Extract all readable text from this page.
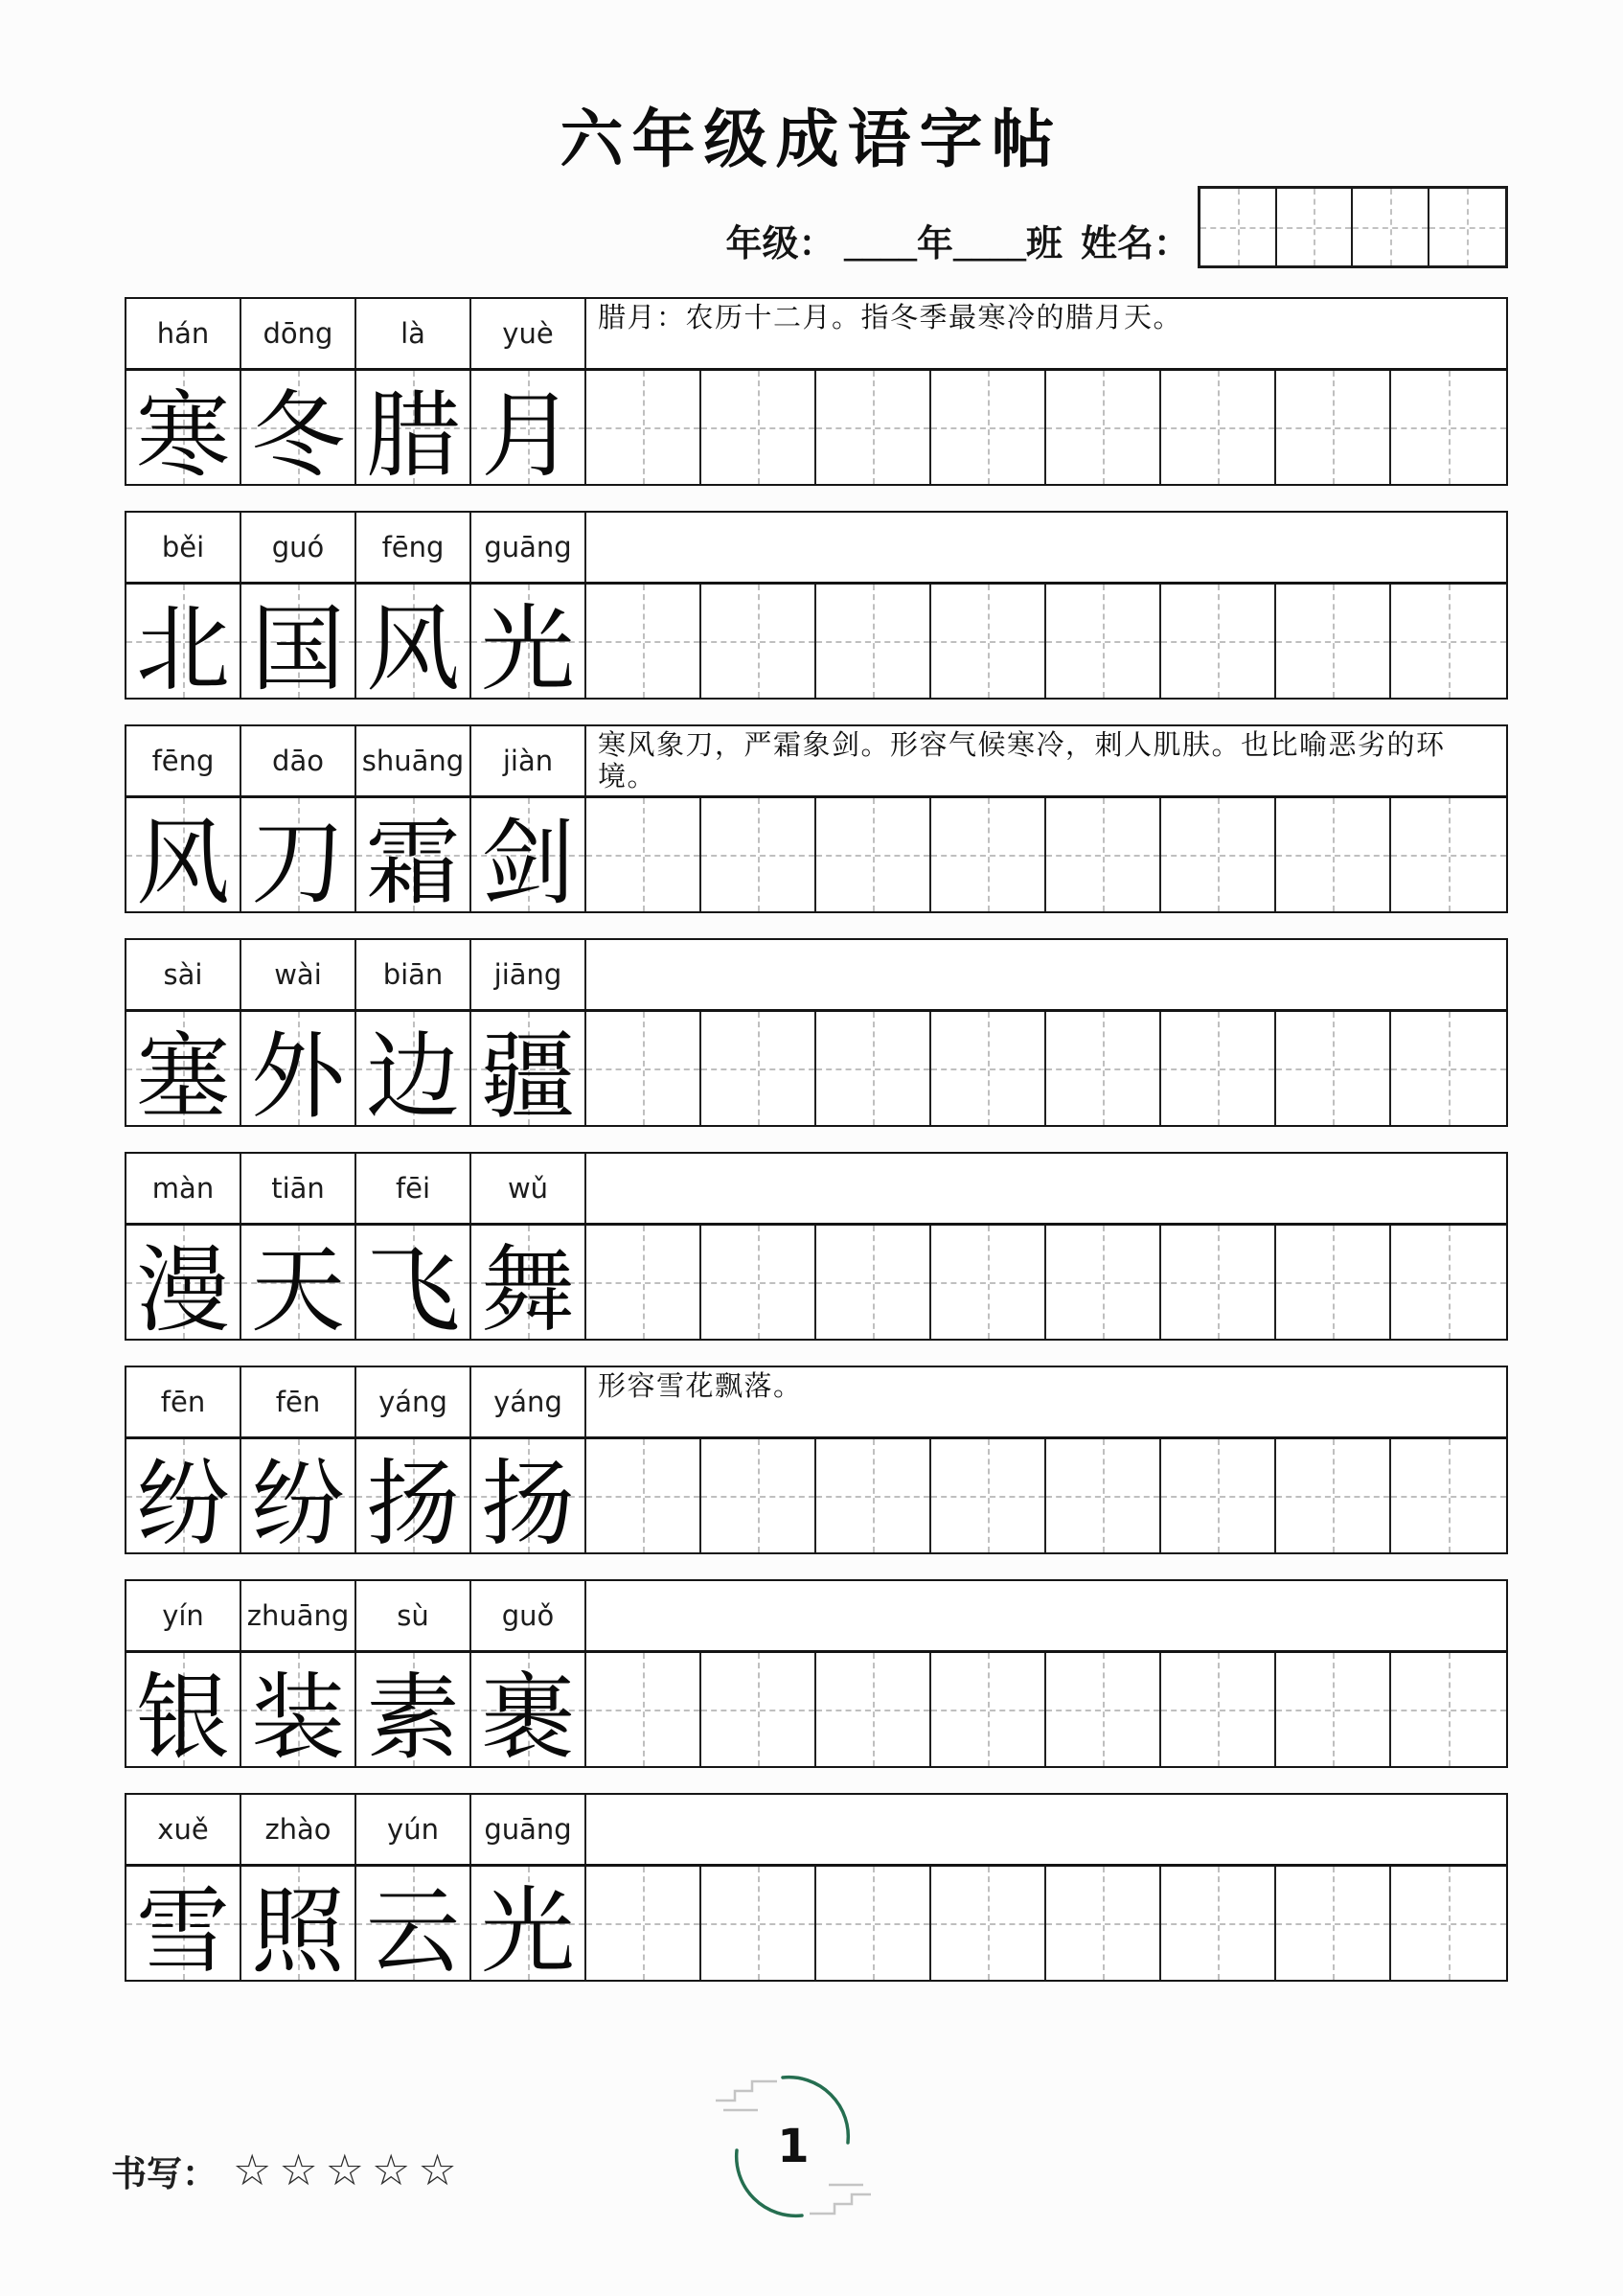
六年级成语字帖
年级： ____年____班  姓名：
hán	dōng	là	yuè	腊月：农历十二月。指冬季最寒冷的腊月天。
寒 冬 腊 月
běi	guó	fēng	guāng
北 国 风 光
fēng	dāo	shuāng	jiàn	寒风象刀，严霜象剑。形容气候寒冷，刺人肌肤。也比喻恶劣的环境。
风 刀 霜 剑
sài	wài	biān	jiāng
塞 外 边 疆
màn	tiān	fēi	wǔ
漫 天 飞 舞
fēn	fēn	yáng	yáng	形容雪花飘落。
纷 纷 扬 扬
yín	zhuāng	sù	guǒ
银 装 素 裹
xuě	zhào	yún	guāng
雪 照 云 光
书写： ☆☆☆☆☆	1
